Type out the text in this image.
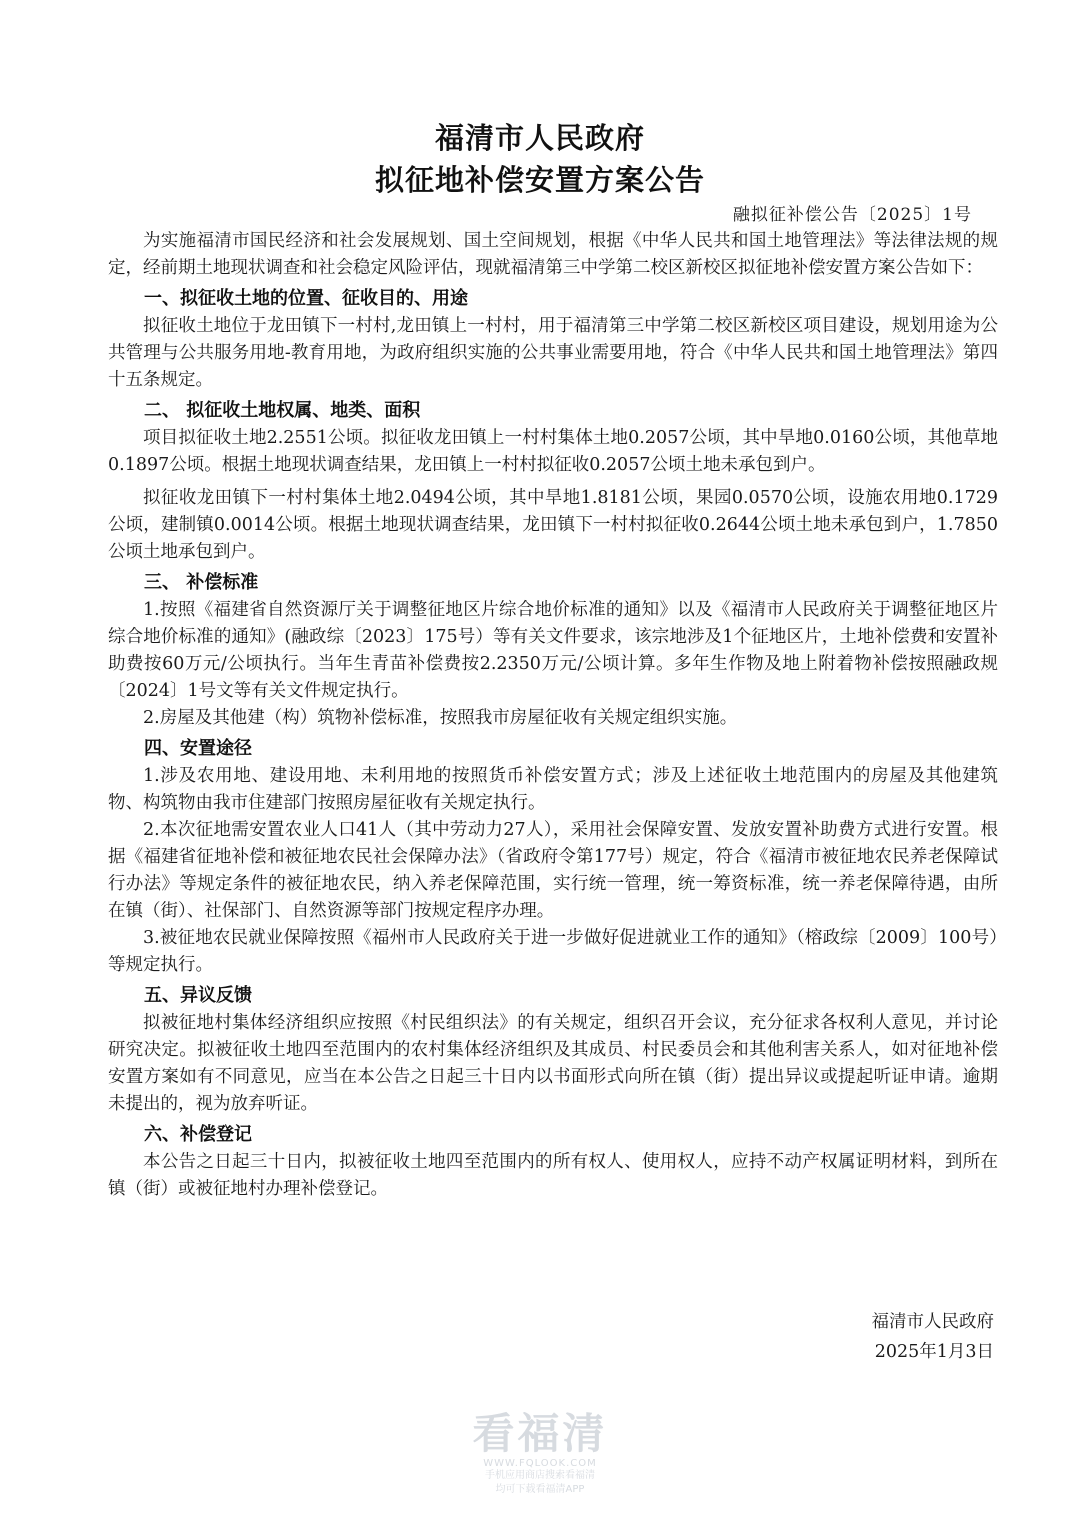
福清市人民政府
拟征地补偿安置方案公告
融拟征补偿公告〔2025〕1号

为实施福清市国民经济和社会发展规划、国土空间规划，根据《中华人民共和国土地管理法》等法律法规的规定，经前期土地现状调查和社会稳定风险评估，现就福清第三中学第二校区新校区拟征地补偿安置方案公告如下：

一、拟征收土地的位置、征收目的、用途

拟征收土地位于龙田镇下一村村,龙田镇上一村村，用于福清第三中学第二校区新校区项目建设，规划用途为公共管理与公共服务用地-教育用地，为政府组织实施的公共事业需要用地，符合《中华人民共和国土地管理法》第四十五条规定。

二、 拟征收土地权属、地类、面积

项目拟征收土地2.2551公顷。拟征收龙田镇上一村村集体土地0.2057公顷，其中旱地0.0160公顷，其他草地0.1897公顷。根据土地现状调查结果，龙田镇上一村村拟征收0.2057公顷土地未承包到户。

拟征收龙田镇下一村村集体土地2.0494公顷，其中旱地1.8181公顷，果园0.0570公顷，设施农用地0.1729公顷，建制镇0.0014公顷。根据土地现状调查结果，龙田镇下一村村拟征收0.2644公顷土地未承包到户，1.7850公顷土地承包到户。

三、 补偿标准

1.按照《福建省自然资源厅关于调整征地区片综合地价标准的通知》以及《福清市人民政府关于调整征地区片综合地价标准的通知》(融政综〔2023〕175号）等有关文件要求，该宗地涉及1个征地区片，土地补偿费和安置补助费按60万元/公顷执行。当年生青苗补偿费按2.2350万元/公顷计算。多年生作物及地上附着物补偿按照融政规〔2024〕1号文等有关文件规定执行。

2.房屋及其他建（构）筑物补偿标准，按照我市房屋征收有关规定组织实施。

四、安置途径

1.涉及农用地、建设用地、未利用地的按照货币补偿安置方式；涉及上述征收土地范围内的房屋及其他建筑物、构筑物由我市住建部门按照房屋征收有关规定执行。

2.本次征地需安置农业人口41人（其中劳动力27人），采用社会保障安置、发放安置补助费方式进行安置。根据《福建省征地补偿和被征地农民社会保障办法》（省政府令第177号）规定，符合《福清市被征地农民养老保障试行办法》等规定条件的被征地农民，纳入养老保障范围，实行统一管理，统一筹资标准，统一养老保障待遇，由所在镇（街）、社保部门、自然资源等部门按规定程序办理。

3.被征地农民就业保障按照《福州市人民政府关于进一步做好促进就业工作的通知》（榕政综〔2009〕100号）等规定执行。

五、异议反馈

拟被征地村集体经济组织应按照《村民组织法》的有关规定，组织召开会议，充分征求各权利人意见，并讨论研究决定。拟被征收土地四至范围内的农村集体经济组织及其成员、村民委员会和其他利害关系人，如对征地补偿安置方案如有不同意见，应当在本公告之日起三十日内以书面形式向所在镇（街）提出异议或提起听证申请。逾期未提出的，视为放弃听证。

六、补偿登记

本公告之日起三十日内，拟被征收土地四至范围内的所有权人、使用权人，应持不动产权属证明材料，到所在镇（街）或被征地村办理补偿登记。

福清市人民政府
2025年1月3日
看福清
WWW.FQLOOK.COM
手机应用商店搜索看福清
均可下载看福清APP
